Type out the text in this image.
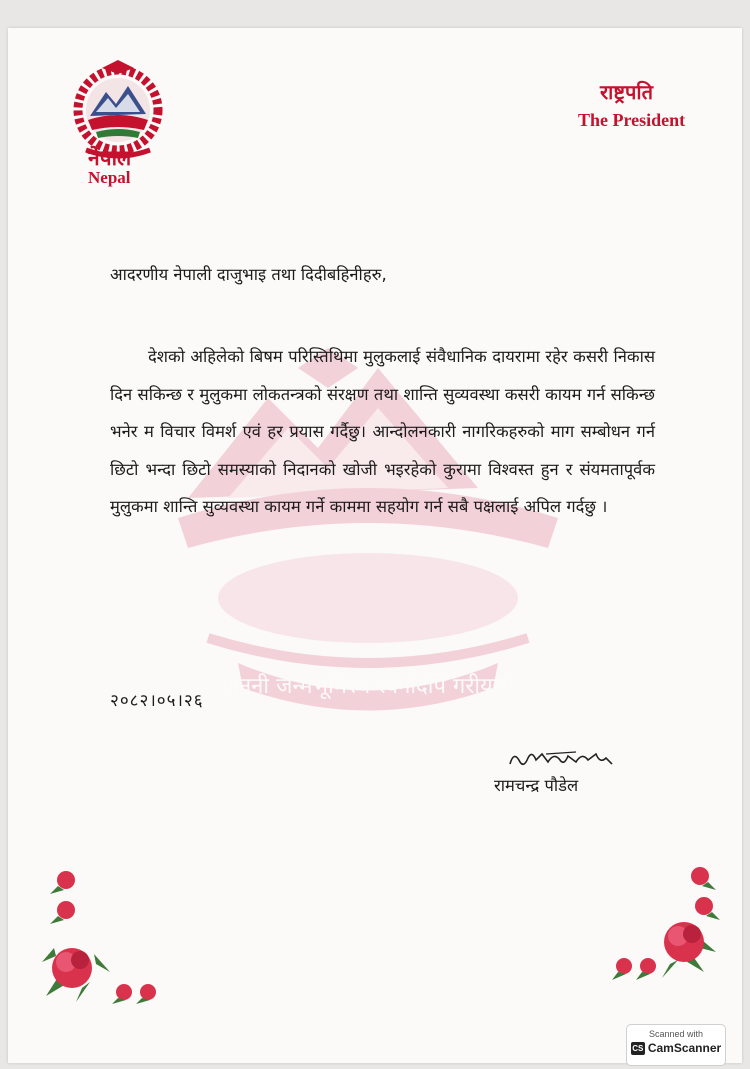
नेपाल
Nepal
राष्ट्रपति
The President
जननी जन्मभूमिश्च स्वर्गादपि गरीयसी
आदरणीय नेपाली दाजुभाइ तथा दिदीबहिनीहरु,
देशको अहिलेको बिषम परिस्तिथिमा मुलुकलाई संवैधानिक दायरामा रहेर कसरी निकास दिन सकिन्छ र मुलुकमा लोकतन्त्रको संरक्षण तथा शान्ति सुव्यवस्था कसरी कायम गर्न सकिन्छ भनेर म विचार विमर्श एवं हर प्रयास गर्दैछु। आन्दोलनकारी नागरिकहरुको माग सम्बोधन गर्न छिटो भन्दा छिटो समस्याको निदानको खोजी भइरहेको कुरामा विश्वस्त हुन र संयमतापूर्वक मुलुकमा शान्ति सुव्यवस्था कायम गर्ने काममा सहयोग गर्न सबै पक्षलाई अपिल गर्दछु ।
२०८२।०५।२६
रामचन्द्र पौडेल
Scanned with
CS CamScanner
